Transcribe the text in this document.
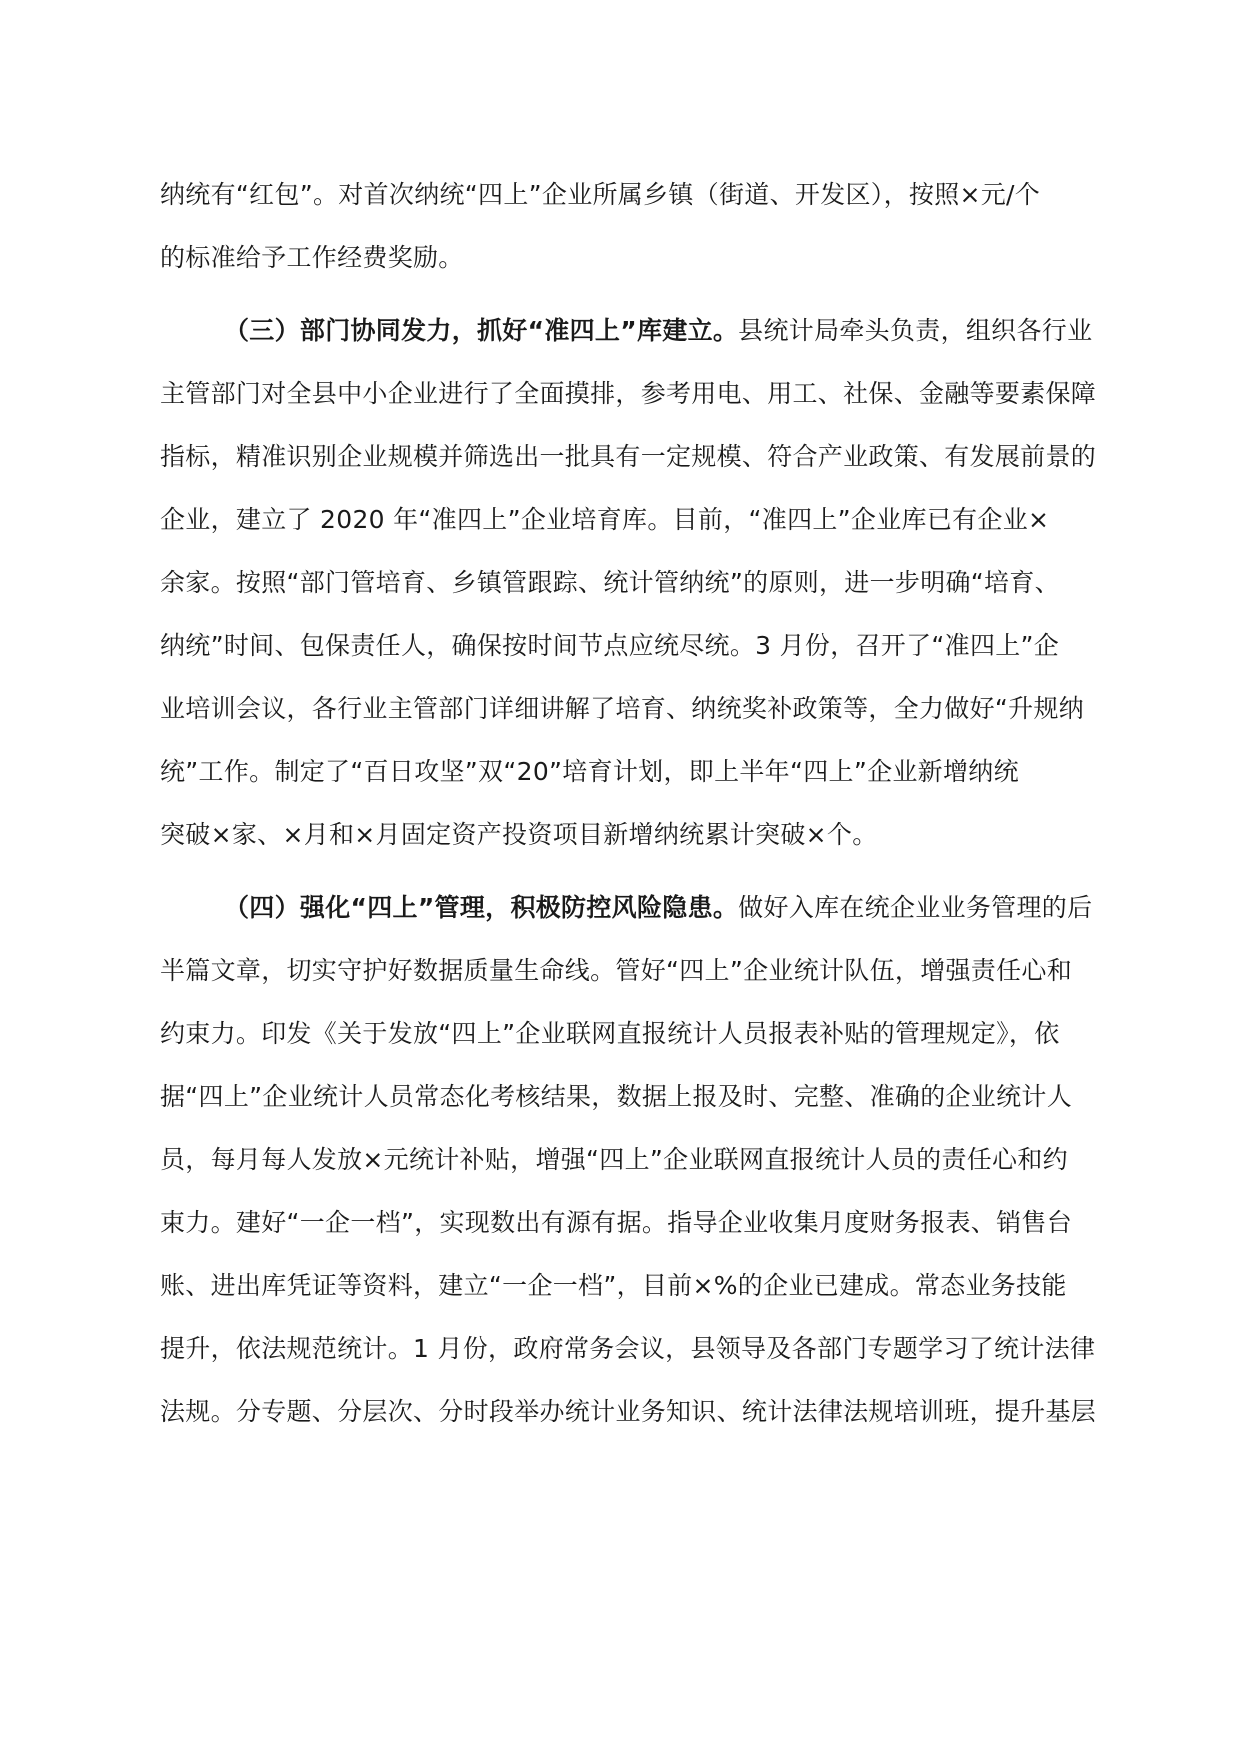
纳统有“红包”。对首次纳统“四上”企业所属乡镇（街道、开发区），按照×元/个
的标准给予工作经费奖励。
（三）部门协同发力，抓好“准四上”库建立。县统计局牵头负责，组织各行业
主管部门对全县中小企业进行了全面摸排，参考用电、用工、社保、金融等要素保障
指标，精准识别企业规模并筛选出一批具有一定规模、符合产业政策、有发展前景的
企业，建立了 2020 年“准四上”企业培育库。目前，“准四上”企业库已有企业×
余家。按照“部门管培育、乡镇管跟踪、统计管纳统”的原则，进一步明确“培育、
纳统”时间、包保责任人，确保按时间节点应统尽统。3 月份，召开了“准四上”企
业培训会议，各行业主管部门详细讲解了培育、纳统奖补政策等，全力做好“升规纳
统”工作。制定了“百日攻坚”双“20”培育计划，即上半年“四上”企业新增纳统
突破×家、×月和×月固定资产投资项目新增纳统累计突破×个。
（四）强化“四上”管理，积极防控风险隐患。做好入库在统企业业务管理的后
半篇文章，切实守护好数据质量生命线。管好“四上”企业统计队伍，增强责任心和
约束力。印发《关于发放“四上”企业联网直报统计人员报表补贴的管理规定》，依
据“四上”企业统计人员常态化考核结果，数据上报及时、完整、准确的企业统计人
员，每月每人发放×元统计补贴，增强“四上”企业联网直报统计人员的责任心和约
束力。建好“一企一档”，实现数出有源有据。指导企业收集月度财务报表、销售台
账、进出库凭证等资料，建立“一企一档”，目前×%的企业已建成。常态业务技能
提升，依法规范统计。1 月份，政府常务会议，县领导及各部门专题学习了统计法律
法规。分专题、分层次、分时段举办统计业务知识、统计法律法规培训班，提升基层
